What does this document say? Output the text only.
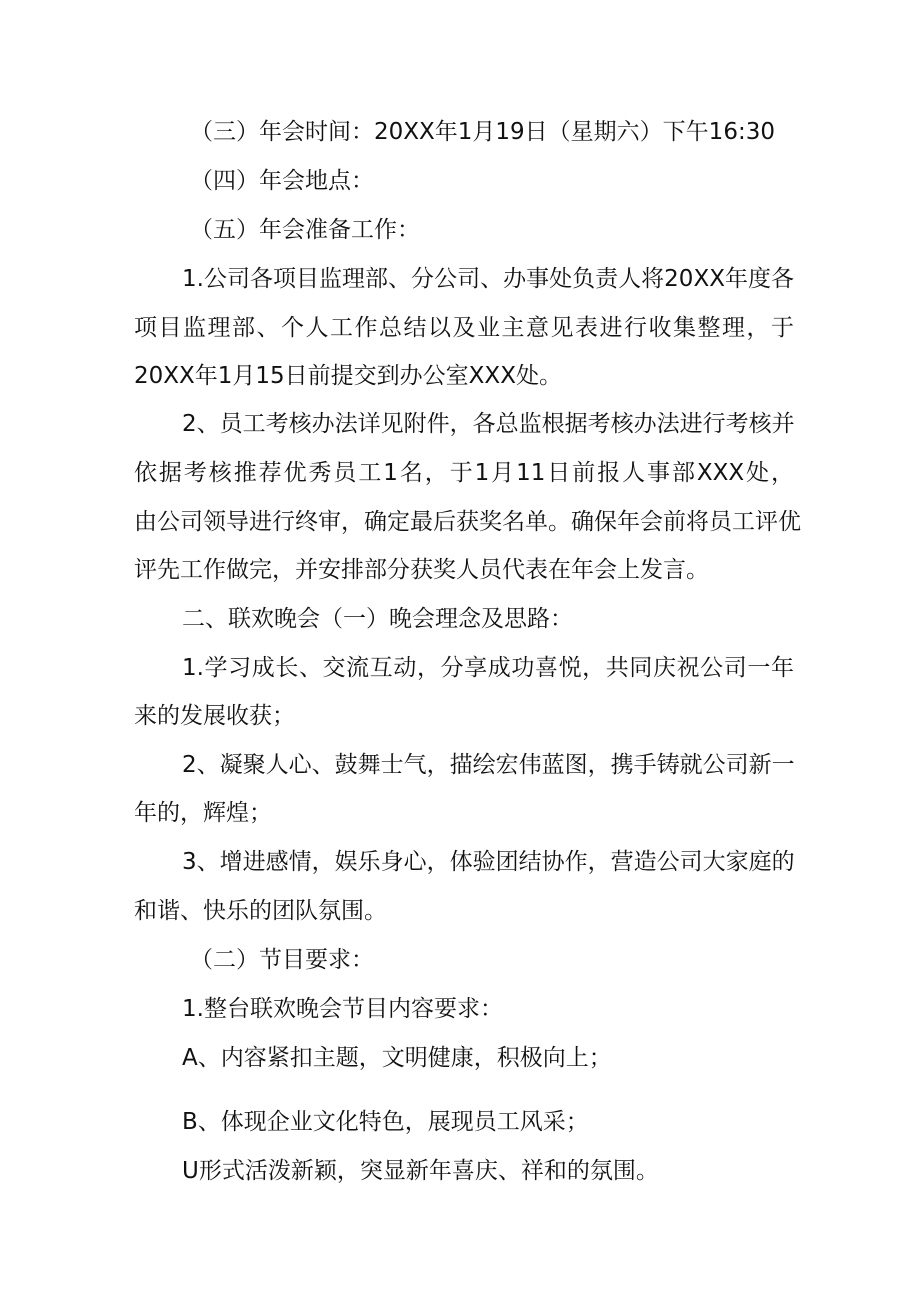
（三）年会时间：20XX年1月19日（星期六）下午16:30
（四）年会地点：
（五）年会准备工作：
1.公司各项目监理部、分公司、办事处负责人将20XX年度各
项目监理部、个人工作总结以及业主意见表进行收集整理，于
20XX年1月15日前提交到办公室XXX处。
2、员工考核办法详见附件，各总监根据考核办法进行考核并
依据考核推荐优秀员工1名，于1月11日前报人事部XXX处，
由公司领导进行终审，确定最后获奖名单。确保年会前将员工评优
评先工作做完，并安排部分获奖人员代表在年会上发言。
二、联欢晚会（一）晚会理念及思路：
1.学习成长、交流互动，分享成功喜悦，共同庆祝公司一年
来的发展收获；
2、凝聚人心、鼓舞士气，描绘宏伟蓝图，携手铸就公司新一
年的，辉煌；
3、增进感情，娱乐身心，体验团结协作，营造公司大家庭的
和谐、快乐的团队氛围。
（二）节目要求：
1.整台联欢晚会节目内容要求：
A、内容紧扣主题，文明健康，积极向上；
B、体现企业文化特色，展现员工风采；
U形式活泼新颖，突显新年喜庆、祥和的氛围。
